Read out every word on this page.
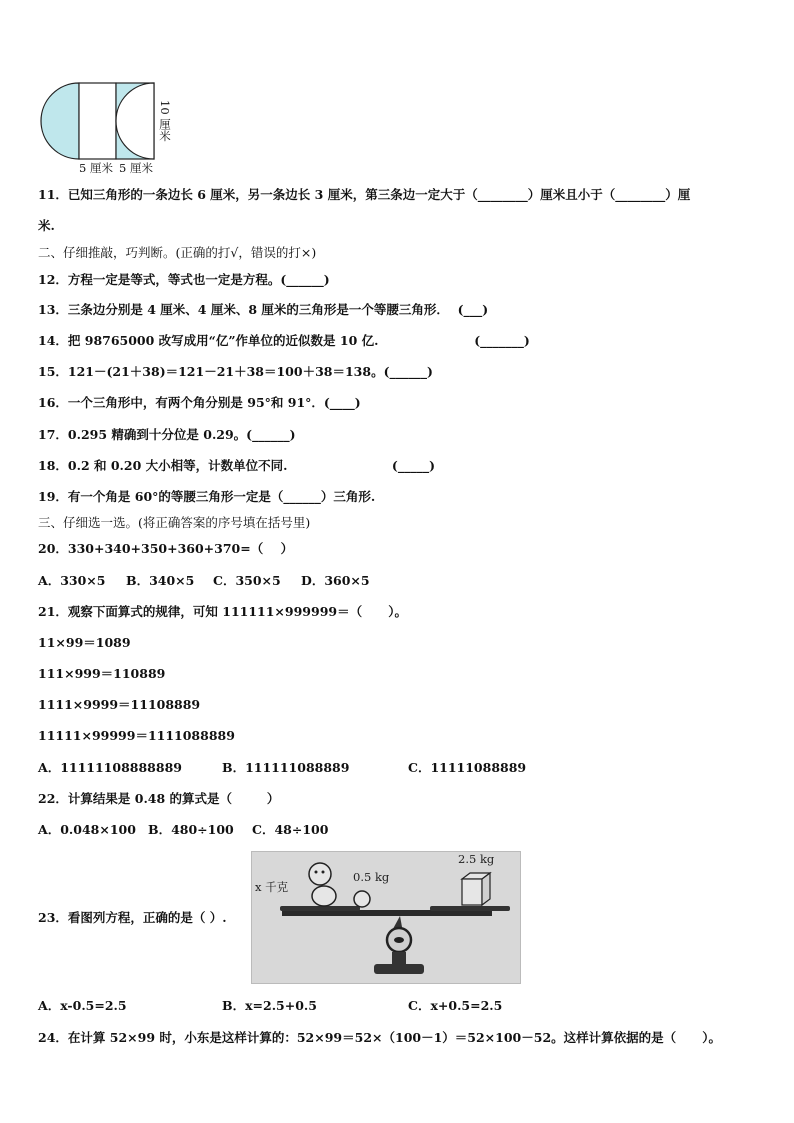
5 厘米 5 厘米
10 厘米
11．已知三角形的一条边长 6 厘米，另一条边长 3 厘米，第三条边一定大于（________）厘米且小于（________）厘
米.
二、仔细推敲，巧判断。(正确的打√，错误的打×)
12．方程一定是等式，等式也一定是方程。(______)
13．三条边分别是 4 厘米、4 厘米、8 厘米的三角形是一个等腰三角形．  (___)
14．把 98765000 改写成用“亿”作单位的近似数是 10 亿.                      (_______)
15．121－(21＋38)＝121－21＋38＝100＋38＝138。(______)
16．一个三角形中，有两个角分别是 95°和 91°．(____)
17．0.295 精确到十分位是 0.29。(______)
18．0.2 和 0.20 大小相等，计数单位不同.                        (_____)
19．有一个角是 60°的等腰三角形一定是（______）三角形.
三、仔细选一选。(将正确答案的序号填在括号里)
20．330+340+350+360+370=（    ）
A．330×5 B．340×5 C．350×5 D．360×5
21．观察下面算式的规律，可知 111111×999999＝（      ）。
11×99＝1089
111×999＝110889
1111×9999＝11108889
11111×99999＝1111088889
A．11111108888889	B．111111088889	C．11111088889
22．计算结果是 0.48 的算式是（        ）
A．0.048×100 B．480÷100 C．48÷100
23．看图列方程，正确的是（ ）.
x 千克
0.5 kg
2.5 kg
A．x-0.5=2.5	B．x=2.5+0.5	C．x+0.5=2.5
24．在计算 52×99 时，小东是这样计算的：52×99＝52×（100－1）＝52×100－52。这样计算依据的是（      ）。
